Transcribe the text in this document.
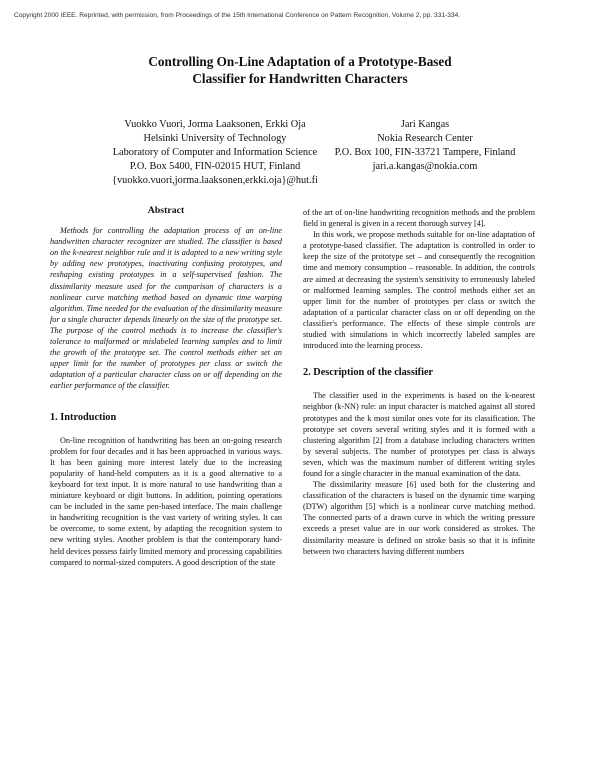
Copyright 2000 IEEE. Reprinted, with permission, from Proceedings of the 15th International Conference on Pattern Recognition, Volume 2, pp. 331-334.
Controlling On-Line Adaptation of a Prototype-Based
Classifier for Handwritten Characters
Vuokko Vuori, Jorma Laaksonen, Erkki Oja
Helsinki University of Technology
Laboratory of Computer and Information Science
P.O. Box 5400, FIN-02015 HUT, Finland
{vuokko.vuori,jorma.laaksonen,erkki.oja}@hut.fi
Jari Kangas
Nokia Research Center
P.O. Box 100, FIN-33721 Tampere, Finland
jari.a.kangas@nokia.com
Abstract

Methods for controlling the adaptation process of an on-line handwritten character recognizer are studied. The classifier is based on the k-nearest neighbor rule and it is adapted to a new writing style by adding new prototypes, inactivating confusing prototypes, and reshaping existing prototypes in a self-supervised fashion. The dissimilarity measure used for the comparison of characters is a nonlinear curve matching method based on dynamic time warping algorithm. Time needed for the evaluation of the dissimilarity measure for a single character depends linearly on the size of the prototype set. The purpose of the control methods is to increase the classifier's tolerance to malformed or mislabeled learning samples and to limit the growth of the prototype set. The control methods either set an upper limit for the number of prototypes per class or switch the adaptation of a particular character class on or off depending on the earlier performance of the classifier.

1. Introduction

On-line recognition of handwriting has been an on-going research problem for four decades and it has been approached in various ways. It has been gaining more interest lately due to the increasing popularity of hand-held computers as it is a good alternative to a keyboard for text input. It is more natural to use handwriting than a miniature keyboard or digit buttons. In addition, pointing operations can be included in the same pen-based interface. The main challenge in handwriting recognition is the vast variety of writing styles. It can be overcome, to some extent, by adapting the recognition system to new writing styles. Another problem is that the contemporary hand-held devices possess fairly limited memory and processing capabilities compared to normal-sized computers. A good description of the state

of the art of on-line handwriting recognition methods and the problem field in general is given in a recent thorough survey [4].

In this work, we propose methods suitable for on-line adaptation of a prototype-based classifier. The adaptation is controlled in order to keep the size of the prototype set – and consequently the recognition time and memory consumption – reasonable. In addition, the controls are aimed at decreasing the system's sensitivity to erroneously labeled or malformed learning samples. The control methods either set an upper limit for the number of prototypes per class or switch the adaptation of a particular character class on or off depending on the classifier's performance. The effects of these simple controls are studied with simulations in which incorrectly labeled samples are introduced into the learning process.

2. Description of the classifier

The classifier used in the experiments is based on the k-nearest neighbor (k-NN) rule: an input character is matched against all stored prototypes and the k most similar ones vote for its classification. The prototype set covers several writing styles and it is formed with a clustering algorithm [2] from a database including characters written by several subjects. The number of prototypes per class is always seven, which was the maximum number of different writing styles found for a single character in the manual examination of the data.

The dissimilarity measure [6] used both for the clustering and classification of the characters is based on the dynamic time warping (DTW) algorithm [5] which is a nonlinear curve matching method. The connected parts of a drawn curve in which the writing pressure exceeds a preset value are in our work considered as strokes. The dissimilarity measure is defined on stroke basis so that it is infinite between two characters having different numbers
